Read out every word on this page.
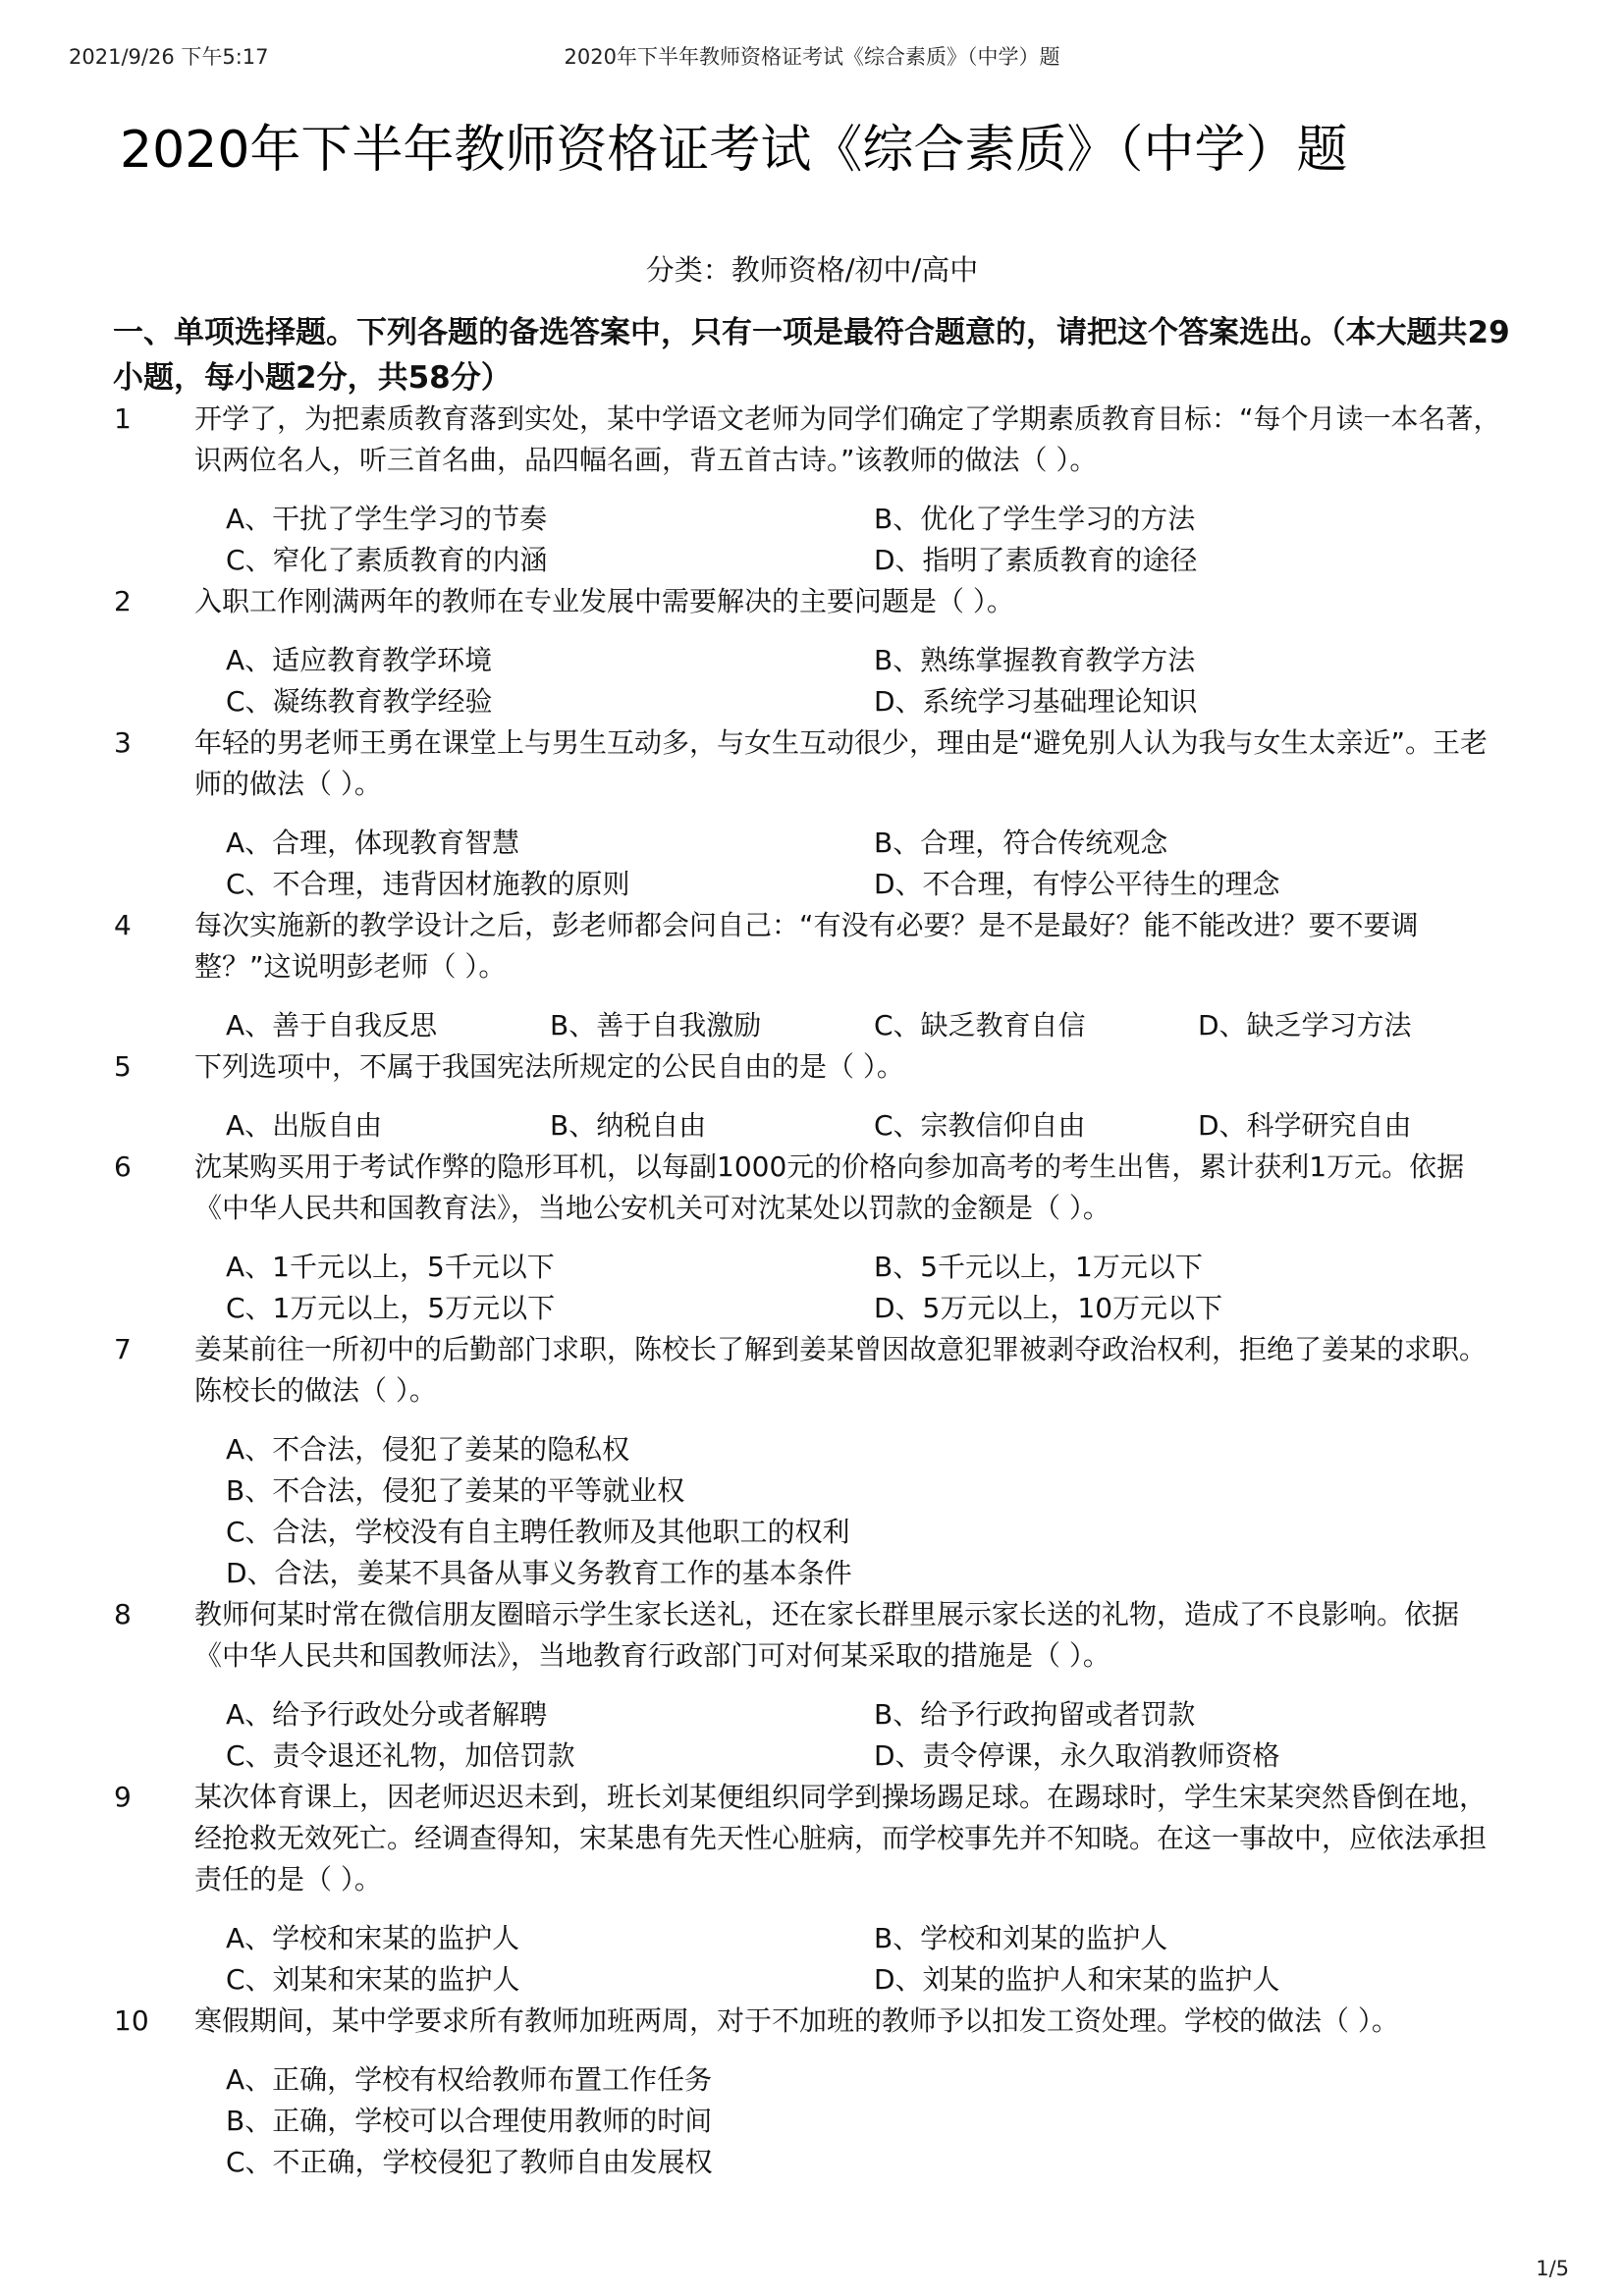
2021/9/26 下午5:17	2020年下半年教师资格证考试《综合素质》（中学）题
2020年下半年教师资格证考试《综合素质》（中学）题
分类：教师资格/初中/高中
一、单项选择题。下列各题的备选答案中，只有一项是最符合题意的，请把这个答案选出。（本大题共29小题，每小题2分，共58分）
1	开学了，为把素质教育落到实处，某中学语文老师为同学们确定了学期素质教育目标：“每个月读一本名著，识两位名人，听三首名曲，品四幅名画，背五首古诗。”该教师的做法（ ）。
A、干扰了学生学习的节奏	B、优化了学生学习的方法
C、窄化了素质教育的内涵	D、指明了素质教育的途径
2	入职工作刚满两年的教师在专业发展中需要解决的主要问题是（ ）。
A、适应教育教学环境	B、熟练掌握教育教学方法
C、凝练教育教学经验	D、系统学习基础理论知识
3	年轻的男老师王勇在课堂上与男生互动多，与女生互动很少，理由是“避免别人认为我与女生太亲近”。王老师的做法（ ）。
A、合理，体现教育智慧	B、合理，符合传统观念
C、不合理，违背因材施教的原则	D、不合理，有悖公平待生的理念
4	每次实施新的教学设计之后，彭老师都会问自己：“有没有必要？是不是最好？能不能改进？要不要调整？”这说明彭老师（ ）。
A、善于自我反思	B、善于自我激励	C、缺乏教育自信	D、缺乏学习方法
5	下列选项中，不属于我国宪法所规定的公民自由的是（ ）。
A、出版自由	B、纳税自由	C、宗教信仰自由	D、科学研究自由
6	沈某购买用于考试作弊的隐形耳机，以每副1000元的价格向参加高考的考生出售，累计获利1万元。依据《中华人民共和国教育法》，当地公安机关可对沈某处以罚款的金额是（ ）。
A、1千元以上，5千元以下	B、5千元以上，1万元以下
C、1万元以上，5万元以下	D、5万元以上，10万元以下
7	姜某前往一所初中的后勤部门求职，陈校长了解到姜某曾因故意犯罪被剥夺政治权利，拒绝了姜某的求职。陈校长的做法（ ）。
A、不合法，侵犯了姜某的隐私权
B、不合法，侵犯了姜某的平等就业权
C、合法，学校没有自主聘任教师及其他职工的权利
D、合法，姜某不具备从事义务教育工作的基本条件
8	教师何某时常在微信朋友圈暗示学生家长送礼，还在家长群里展示家长送的礼物，造成了不良影响。依据《中华人民共和国教师法》，当地教育行政部门可对何某采取的措施是（ ）。
A、给予行政处分或者解聘	B、给予行政拘留或者罚款
C、责令退还礼物，加倍罚款	D、责令停课，永久取消教师资格
9	某次体育课上，因老师迟迟未到，班长刘某便组织同学到操场踢足球。在踢球时，学生宋某突然昏倒在地，经抢救无效死亡。经调查得知，宋某患有先天性心脏病，而学校事先并不知晓。在这一事故中，应依法承担责任的是（ ）。
A、学校和宋某的监护人	B、学校和刘某的监护人
C、刘某和宋某的监护人	D、刘某的监护人和宋某的监护人
10	寒假期间，某中学要求所有教师加班两周，对于不加班的教师予以扣发工资处理。学校的做法（ ）。
A、正确，学校有权给教师布置工作任务
B、正确，学校可以合理使用教师的时间
C、不正确，学校侵犯了教师自由发展权
1/5
